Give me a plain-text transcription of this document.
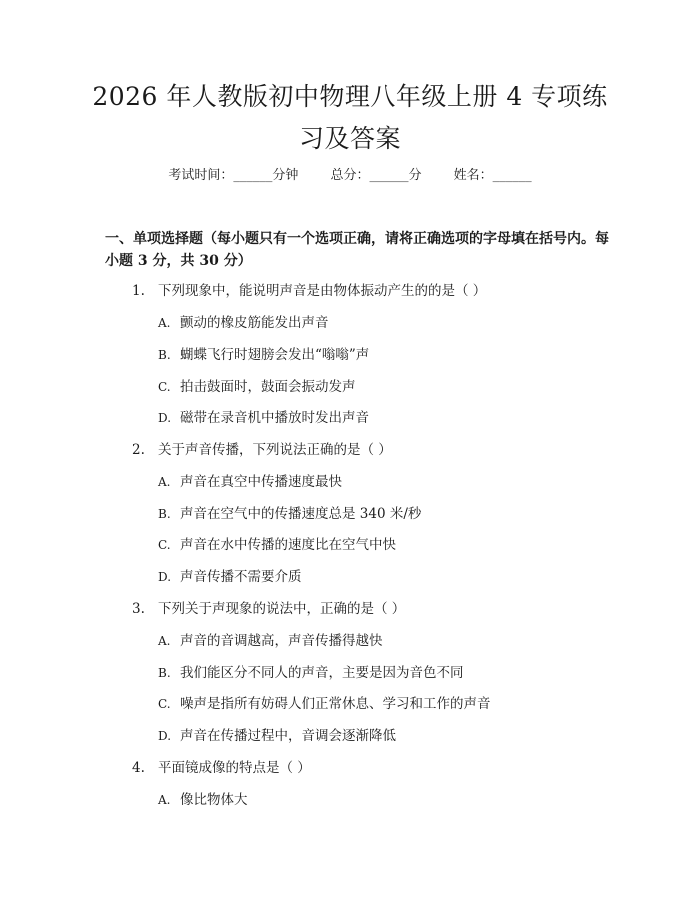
2026 年人教版初中物理八年级上册 4 专项练
习及答案
考试时间：______分钟 总分：______分 姓名：______
一、单项选择题（每小题只有一个选项正确，请将正确选项的字母填在括号内。每小题 3 分，共 30 分）
1. 下列现象中，能说明声音是由物体振动产生的的是（ ）
A. 颤动的橡皮筋能发出声音
B. 蝴蝶飞行时翅膀会发出“嗡嗡”声
C. 拍击鼓面时，鼓面会振动发声
D. 磁带在录音机中播放时发出声音
2. 关于声音传播，下列说法正确的是（ ）
A. 声音在真空中传播速度最快
B. 声音在空气中的传播速度总是 340 米/秒
C. 声音在水中传播的速度比在空气中快
D. 声音传播不需要介质
3. 下列关于声现象的说法中，正确的是（ ）
A. 声音的音调越高，声音传播得越快
B. 我们能区分不同人的声音，主要是因为音色不同
C. 噪声是指所有妨碍人们正常休息、学习和工作的声音
D. 声音在传播过程中，音调会逐渐降低
4. 平面镜成像的特点是（ ）
A. 像比物体大
